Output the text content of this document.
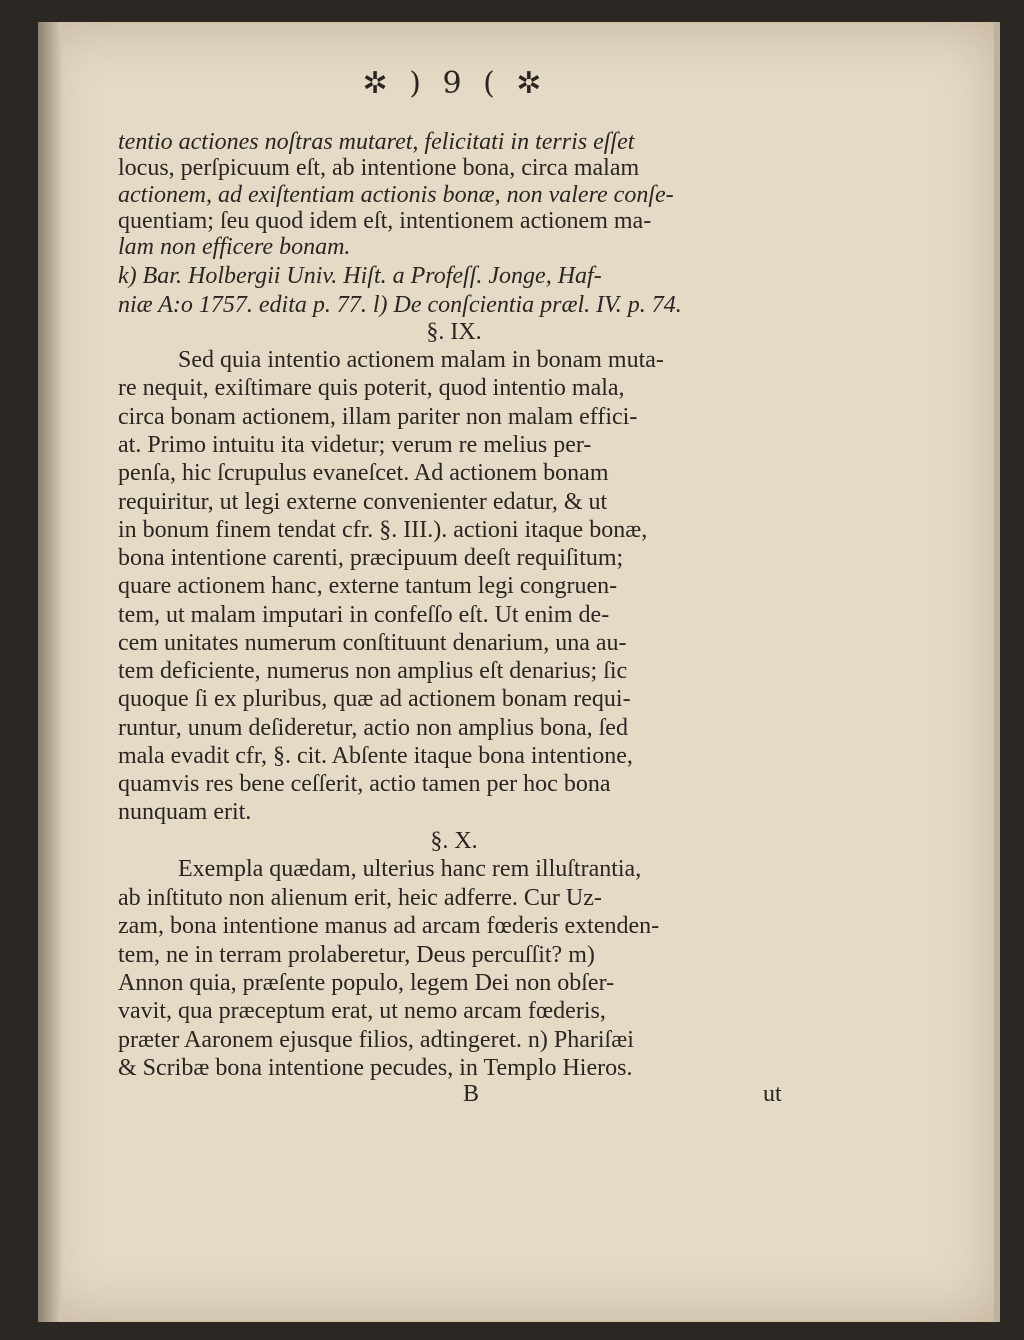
✲ ) 9 ( ✲
tentio actiones noſtras mutaret, felicitati in terris eſſet
locus, perſpicuum eſt, ab intentione bona, circa malam
actionem, ad exiſtentiam actionis bonæ, non valere conſe-
quentiam; ſeu quod idem eſt, intentionem actionem ma-
lam non efficere bonam.
k) Bar. Holbergii Univ. Hiſt. a Profeſſ. Jonge, Haf-
niæ A:o 1757. edita p. 77. l) De conſcientia præl. IV. p. 74.
§. IX.
Sed quia intentio actionem malam in bonam muta-
re nequit, exiſtimare quis poterit, quod intentio mala,
circa bonam actionem, illam pariter non malam effici-
at. Primo intuitu ita videtur; verum re melius per-
penſa, hic ſcrupulus evaneſcet. Ad actionem bonam
requiritur, ut legi externe convenienter edatur, & ut
in bonum finem tendat cfr. §. III.). actioni itaque bonæ,
bona intentione carenti, præcipuum deeſt requiſitum;
quare actionem hanc, externe tantum legi congruen-
tem, ut malam imputari in confeſſo eſt. Ut enim de-
cem unitates numerum conſtituunt denarium, una au-
tem deficiente, numerus non amplius eſt denarius; ſic
quoque ſi ex pluribus, quæ ad actionem bonam requi-
runtur, unum deſideretur, actio non amplius bona, ſed
mala evadit cfr, §. cit. Abſente itaque bona intentione,
quamvis res bene ceſſerit, actio tamen per hoc bona
nunquam erit.
§. X.
Exempla quædam, ulterius hanc rem illuſtrantia,
ab inſtituto non alienum erit, heic adferre. Cur Uz-
zam, bona intentione manus ad arcam fœderis extenden-
tem, ne in terram prolaberetur, Deus percuſſit? m)
Annon quia, præſente populo, legem Dei non obſer-
vavit, qua præceptum erat, ut nemo arcam fœderis,
præter Aaronem ejusque filios, adtingeret. n) Phariſæi
& Scribæ bona intentione pecudes, in Templo Hieros.
B	ut
